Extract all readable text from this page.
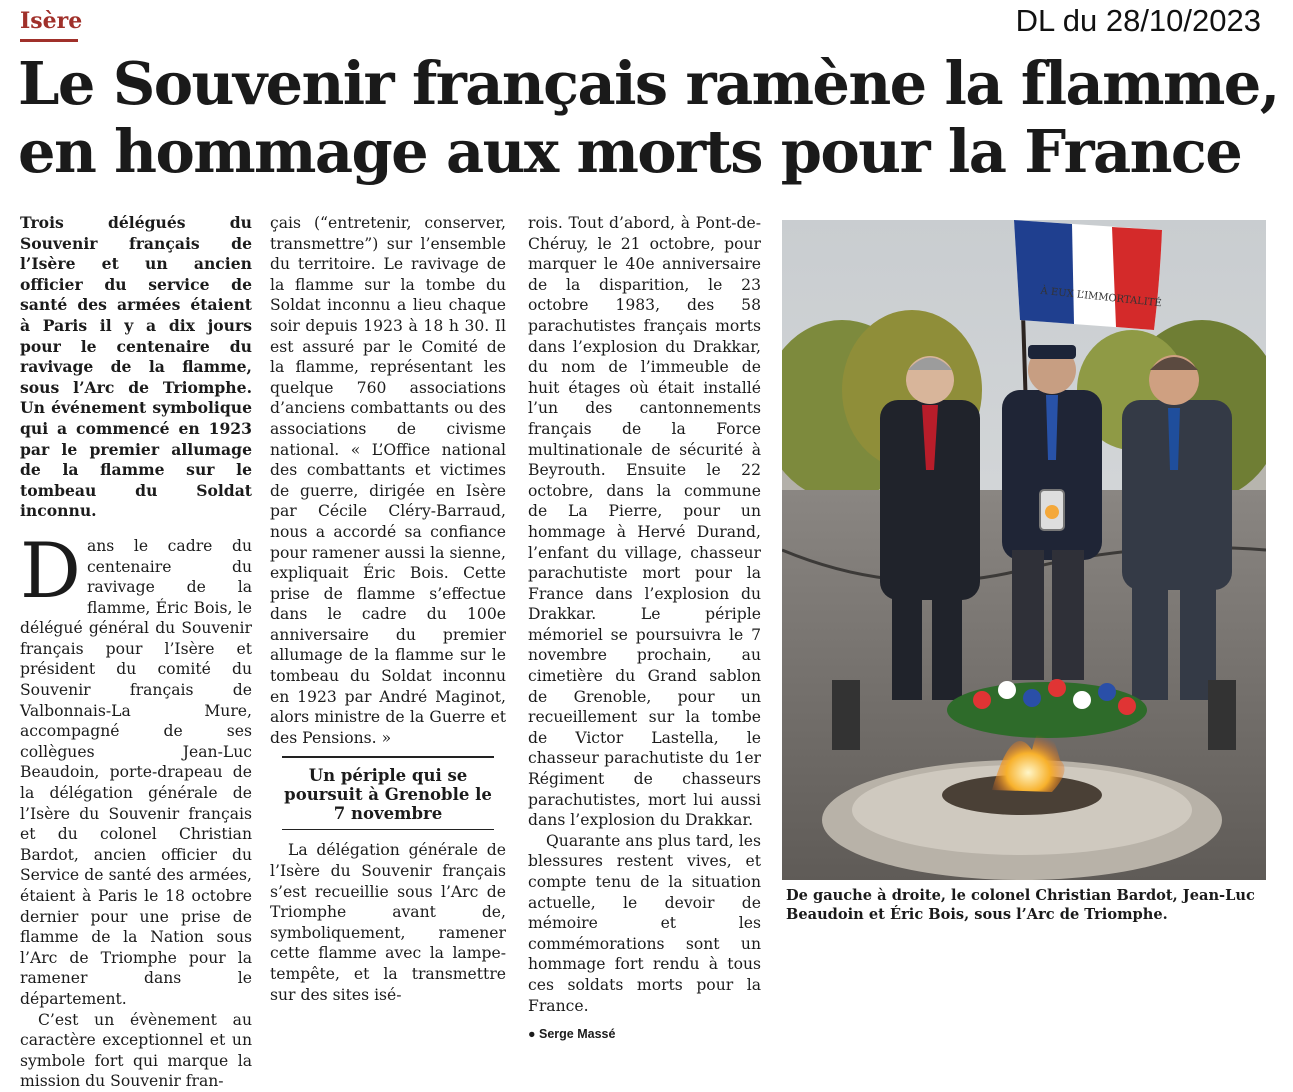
Isère	DL du 28/10/2023
Le Souvenir français ramène la flamme,
en hommage aux morts pour la France

Trois délégués du Souvenir français de l’Isère et un ancien officier du service de santé des armées étaient à Paris il y a dix jours pour le centenaire du ravivage de la flamme, sous l’Arc de Triomphe. Un événement symbolique qui a commencé en 1923 par le premier allumage de la flamme sur le tombeau du Soldat inconnu.

Dans le cadre du centenaire du ravivage de la flamme, Éric Bois, le délégué général du Souvenir français pour l’Isère et président du comité du Souvenir français de Valbonnais-La Mure, accompagné de ses collègues Jean-Luc Beaudoin, porte-drapeau de la délégation générale de l’Isère du Souvenir français et du colonel Christian Bardot, ancien officier du Service de santé des armées, étaient à Paris le 18 octobre dernier pour une prise de flamme de la Nation sous l’Arc de Triomphe pour la ramener dans le département.

C’est un évènement au caractère exceptionnel et un symbole fort qui marque la mission du Souvenir fran-

çais (“entretenir, conserver, transmettre”) sur l’ensemble du territoire. Le ravivage de la flamme sur la tombe du Soldat inconnu a lieu chaque soir depuis 1923 à 18 h 30. Il est assuré par le Comité de la flamme, représentant les quelque 760 associations d’anciens combattants ou des associations de civisme national. « L’Office national des combattants et victimes de guerre, dirigée en Isère par Cécile Cléry-Barraud, nous a accordé sa confiance pour ramener aussi la sienne, expliquait Éric Bois. Cette prise de flamme s’effectue dans le cadre du 100e anniversaire du premier allumage de la flamme sur le tombeau du Soldat inconnu en 1923 par André Maginot, alors ministre de la Guerre et des Pensions. »

Un périple qui se poursuit à Grenoble le 7 novembre

La délégation générale de l’Isère du Souvenir français s’est recueillie sous l’Arc de Triomphe avant de, symboliquement, ramener cette flamme avec la lampe-tempête, et la transmettre sur des sites isé-

rois. Tout d’abord, à Pont-de-Chéruy, le 21 octobre, pour marquer le 40e anniversaire de la disparition, le 23 octobre 1983, des 58 parachutistes français morts dans l’explosion du Drakkar, du nom de l’immeuble de huit étages où était installé l’un des cantonnements français de la Force multinationale de sécurité à Beyrouth. Ensuite le 22 octobre, dans la commune de La Pierre, pour un hommage à Hervé Durand, l’enfant du village, chasseur parachutiste mort pour la France dans l’explosion du Drakkar. Le périple mémoriel se poursuivra le 7 novembre prochain, au cimetière du Grand sablon de Grenoble, pour un recueillement sur la tombe de Victor Lastella, le chasseur parachutiste du 1er Régiment de chasseurs parachutistes, mort lui aussi dans l’explosion du Drakkar.

Quarante ans plus tard, les blessures restent vives, et compte tenu de la situation actuelle, le devoir de mémoire et les commémorations sont un hommage fort rendu à tous ces soldats morts pour la France.

● Serge Massé

À EUX L’IMMORTALITÉ
De gauche à droite, le colonel Christian Bardot, Jean-Luc Beaudoin et Éric Bois, sous l’Arc de Triomphe.
